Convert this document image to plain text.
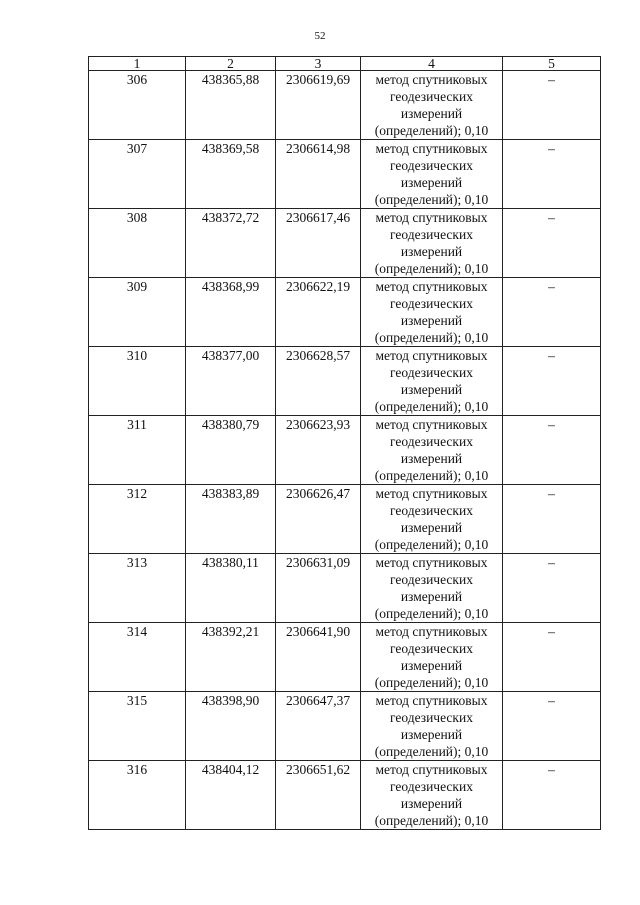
52
1	2	3	4	5
306	438365,88	2306619,69	метод спутниковых
геодезических
измерений
(определений); 0,10	–
307	438369,58	2306614,98	метод спутниковых
геодезических
измерений
(определений); 0,10	–
308	438372,72	2306617,46	метод спутниковых
геодезических
измерений
(определений); 0,10	–
309	438368,99	2306622,19	метод спутниковых
геодезических
измерений
(определений); 0,10	–
310	438377,00	2306628,57	метод спутниковых
геодезических
измерений
(определений); 0,10	–
311	438380,79	2306623,93	метод спутниковых
геодезических
измерений
(определений); 0,10	–
312	438383,89	2306626,47	метод спутниковых
геодезических
измерений
(определений); 0,10	–
313	438380,11	2306631,09	метод спутниковых
геодезических
измерений
(определений); 0,10	–
314	438392,21	2306641,90	метод спутниковых
геодезических
измерений
(определений); 0,10	–
315	438398,90	2306647,37	метод спутниковых
геодезических
измерений
(определений); 0,10	–
316	438404,12	2306651,62	метод спутниковых
геодезических
измерений
(определений); 0,10	–
